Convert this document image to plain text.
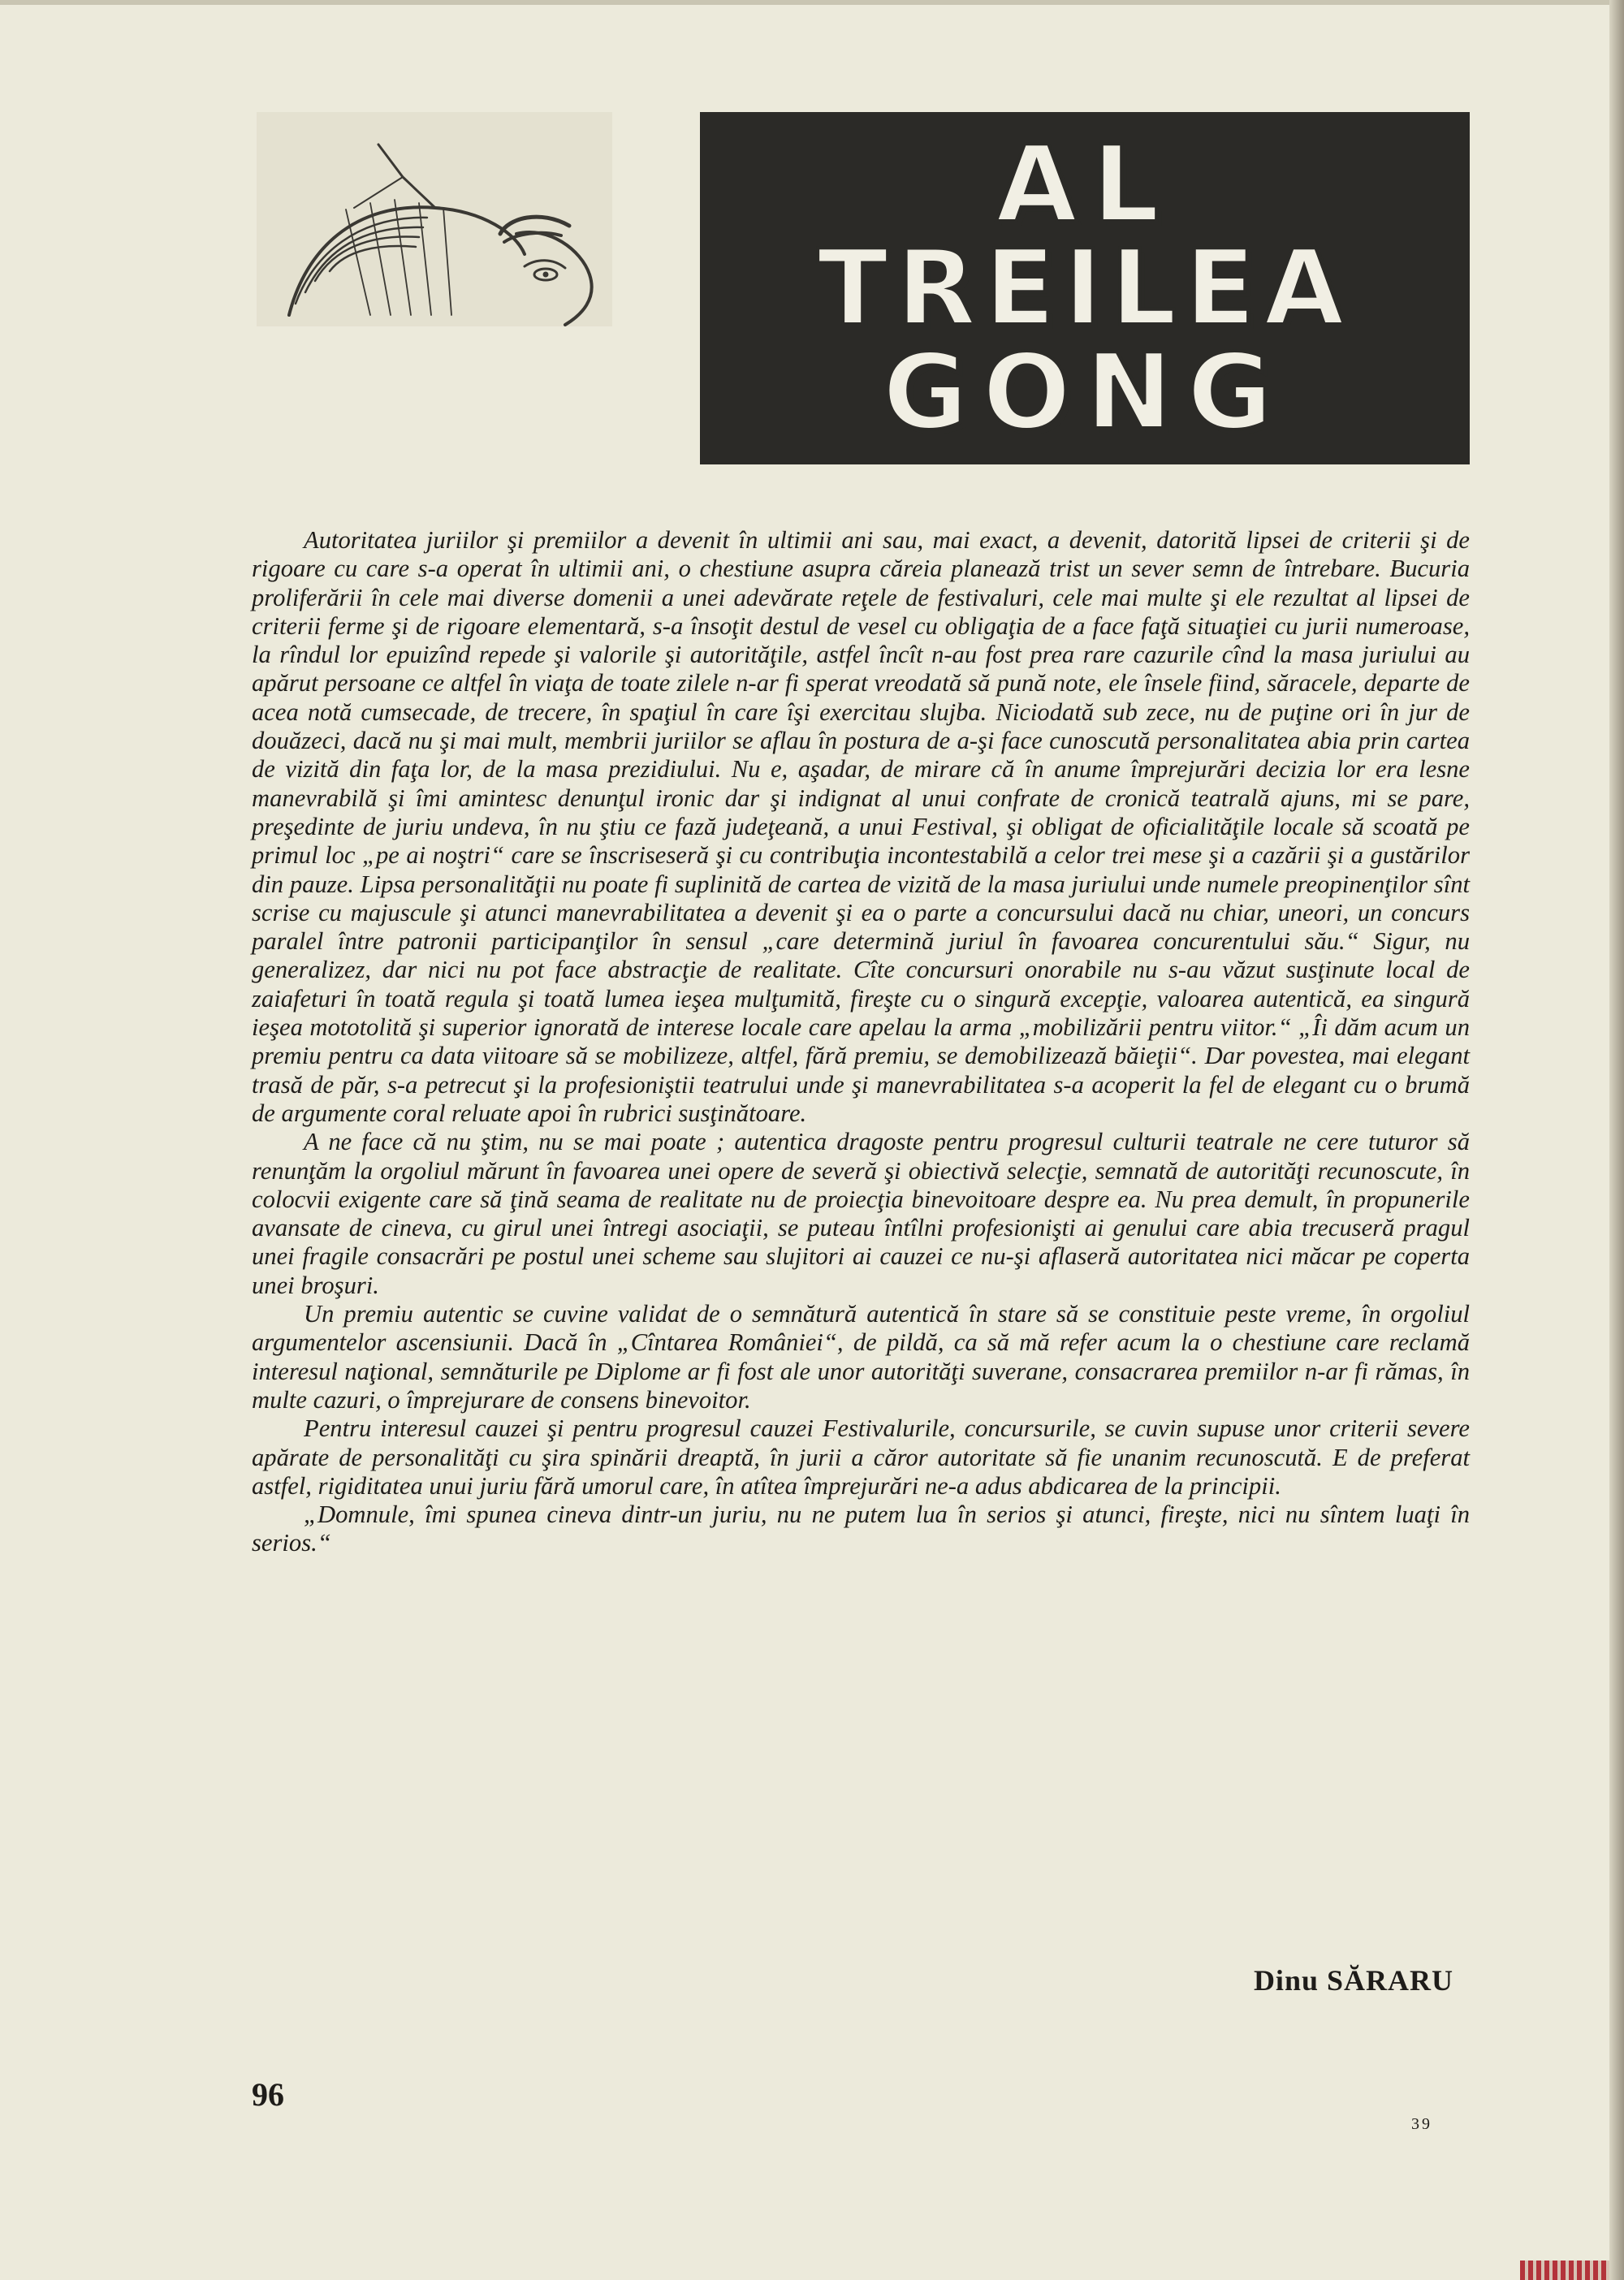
AL
TREILEA
GONG

Autoritatea juriilor şi premiilor a devenit în ultimii ani sau, mai exact, a devenit, datorită lipsei de criterii şi de rigoare cu care s-a operat în ultimii ani, o chestiune asupra căreia planează trist un sever semn de întrebare. Bucuria proliferării în cele mai diverse domenii a unei adevărate reţele de festivaluri, cele mai multe şi ele rezultat al lipsei de criterii ferme şi de rigoare elementară, s-a însoţit destul de vesel cu obligaţia de a face faţă situaţiei cu jurii numeroase, la rîndul lor epuizînd repede şi valorile şi autorităţile, astfel încît n-au fost prea rare cazurile cînd la masa juriului au apărut persoane ce altfel în viaţa de toate zilele n-ar fi sperat vreodată să pună note, ele însele fiind, săracele, departe de acea notă cumsecade, de trecere, în spaţiul în care îşi exercitau slujba. Niciodată sub zece, nu de puţine ori în jur de douăzeci, dacă nu şi mai mult, membrii juriilor se aflau în postura de a-şi face cunoscută personalitatea abia prin cartea de vizită din faţa lor, de la masa prezidiului. Nu e, aşadar, de mirare că în anume împrejurări decizia lor era lesne manevrabilă şi îmi amintesc denunţul ironic dar şi indignat al unui confrate de cronică teatrală ajuns, mi se pare, preşedinte de juriu undeva, în nu ştiu ce fază judeţeană, a unui Festival, şi obligat de oficialităţile locale să scoată pe primul loc „pe ai noştri“ care se înscriseseră şi cu contribuţia incontestabilă a celor trei mese şi a cazării şi a gustărilor din pauze. Lipsa personalităţii nu poate fi suplinită de cartea de vizită de la masa juriului unde numele preopinenţilor sînt scrise cu majuscule şi atunci manevrabilitatea a devenit şi ea o parte a concursului dacă nu chiar, uneori, un concurs paralel între patronii participanţilor în sensul „care determină juriul în favoarea concurentului său.“ Sigur, nu generalizez, dar nici nu pot face abstracţie de realitate. Cîte concursuri onorabile nu s-au văzut susţinute local de zaiafeturi în toată regula şi toată lumea ieşea mulţumită, fireşte cu o singură excepţie, valoarea autentică, ea singură ieşea mototolită şi superior ignorată de interese locale care apelau la arma „mobilizării pentru viitor.“ „Îi dăm acum un premiu pentru ca data viitoare să se mobilizeze, altfel, fără premiu, se demobilizează băieţii“. Dar povestea, mai elegant trasă de păr, s-a petrecut şi la profesioniştii teatrului unde şi manevrabilitatea s-a acoperit la fel de elegant cu o brumă de argumente coral reluate apoi în rubrici susţinătoare.

A ne face că nu ştim, nu se mai poate ; autentica dragoste pentru progresul culturii teatrale ne cere tuturor să renunţăm la orgoliul mărunt în favoarea unei opere de severă şi obiectivă selecţie, semnată de autorităţi recunoscute, în colocvii exigente care să ţină seama de realitate nu de proiecţia binevoitoare despre ea. Nu prea demult, în propunerile avansate de cineva, cu girul unei întregi asociaţii, se puteau întîlni profesionişti ai genului care abia trecuseră pragul unei fragile consacrări pe postul unei scheme sau slujitori ai cauzei ce nu-şi aflaseră autoritatea nici măcar pe coperta unei broşuri.

Un premiu autentic se cuvine validat de o semnătură autentică în stare să se constituie peste vreme, în orgoliul argumentelor ascensiunii. Dacă în „Cîntarea României“, de pildă, ca să mă refer acum la o chestiune care reclamă interesul naţional, semnăturile pe Diplome ar fi fost ale unor autorităţi suverane, consacrarea premiilor n-ar fi rămas, în multe cazuri, o împrejurare de consens binevoitor.

Pentru interesul cauzei şi pentru progresul cauzei Festivalurile, concursurile, se cuvin supuse unor criterii severe apărate de personalităţi cu şira spinării dreaptă, în jurii a căror autoritate să fie unanim recunoscută. E de preferat astfel, rigiditatea unui juriu fără umorul care, în atîtea împrejurări ne-a adus abdicarea de la principii.

„Domnule, îmi spunea cineva dintr-un juriu, nu ne putem lua în serios şi atunci, fireşte, nici nu sîntem luaţi în serios.“

Dinu SĂRARU
96
39
